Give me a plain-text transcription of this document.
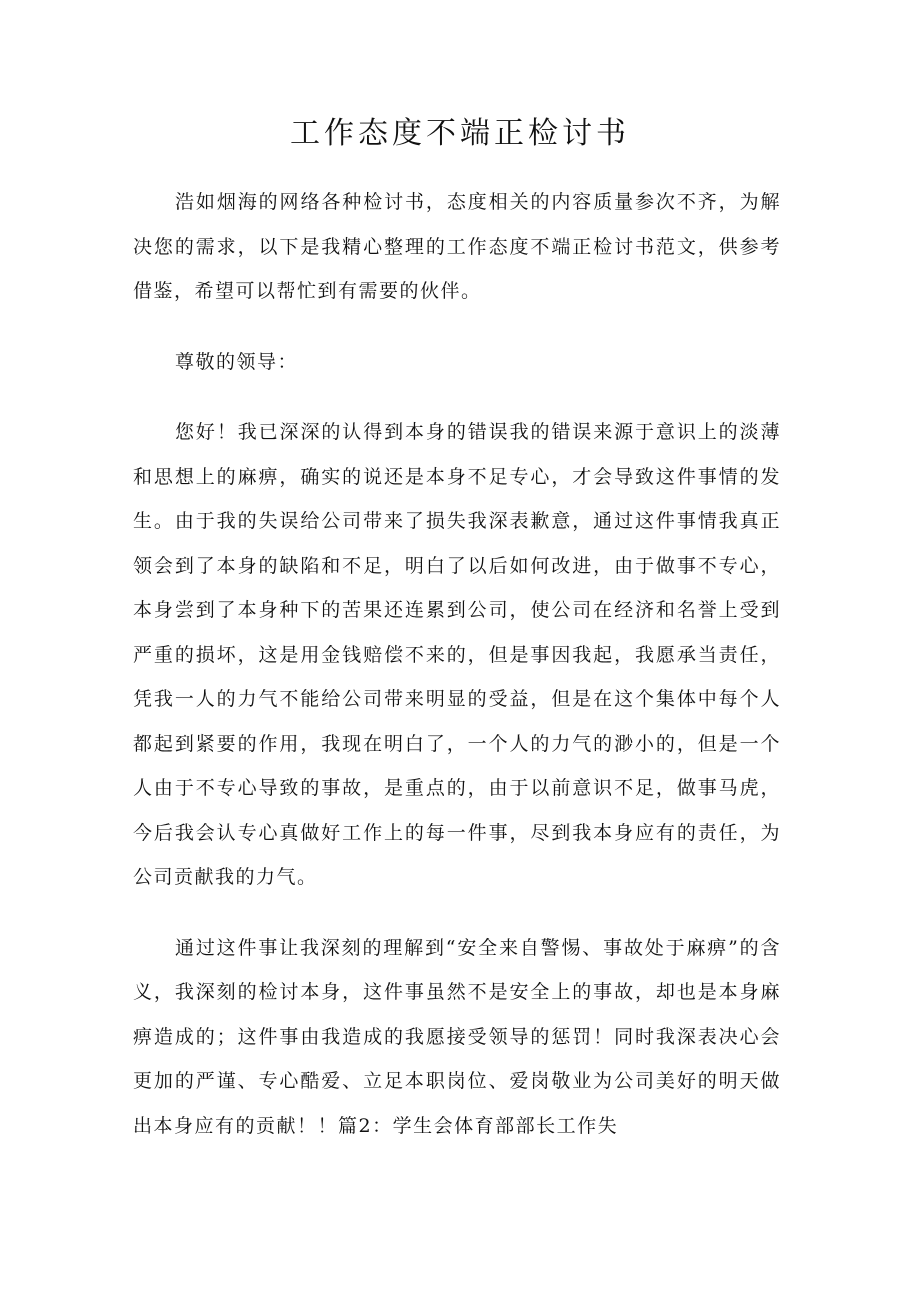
工作态度不端正检讨书

浩如烟海的网络各种检讨书，态度相关的内容质量参次不齐，为解决您的需求，以下是我精心整理的工作态度不端正检讨书范文，供参考借鉴，希望可以帮忙到有需要的伙伴。

尊敬的领导：

您好！我已深深的认得到本身的错误我的错误来源于意识上的淡薄和思想上的麻痹，确实的说还是本身不足专心，才会导致这件事情的发生。由于我的失误给公司带来了损失我深表歉意，通过这件事情我真正领会到了本身的缺陷和不足，明白了以后如何改进，由于做事不专心，本身尝到了本身种下的苦果还连累到公司，使公司在经济和名誉上受到严重的损坏，这是用金钱赔偿不来的，但是事因我起，我愿承当责任，凭我一人的力气不能给公司带来明显的受益，但是在这个集体中每个人都起到紧要的作用，我现在明白了，一个人的力气的渺小的，但是一个人由于不专心导致的事故，是重点的，由于以前意识不足，做事马虎，今后我会认专心真做好工作上的每一件事，尽到我本身应有的责任，为公司贡献我的力气。

通过这件事让我深刻的理解到“安全来自警惕、事故处于麻痹”的含义，我深刻的检讨本身，这件事虽然不是安全上的事故，却也是本身麻痹造成的；这件事由我造成的我愿接受领导的惩罚！同时我深表决心会更加的严谨、专心酷爱、立足本职岗位、爱岗敬业为公司美好的明天做出本身应有的贡献！！篇2：学生会体育部部长工作失
